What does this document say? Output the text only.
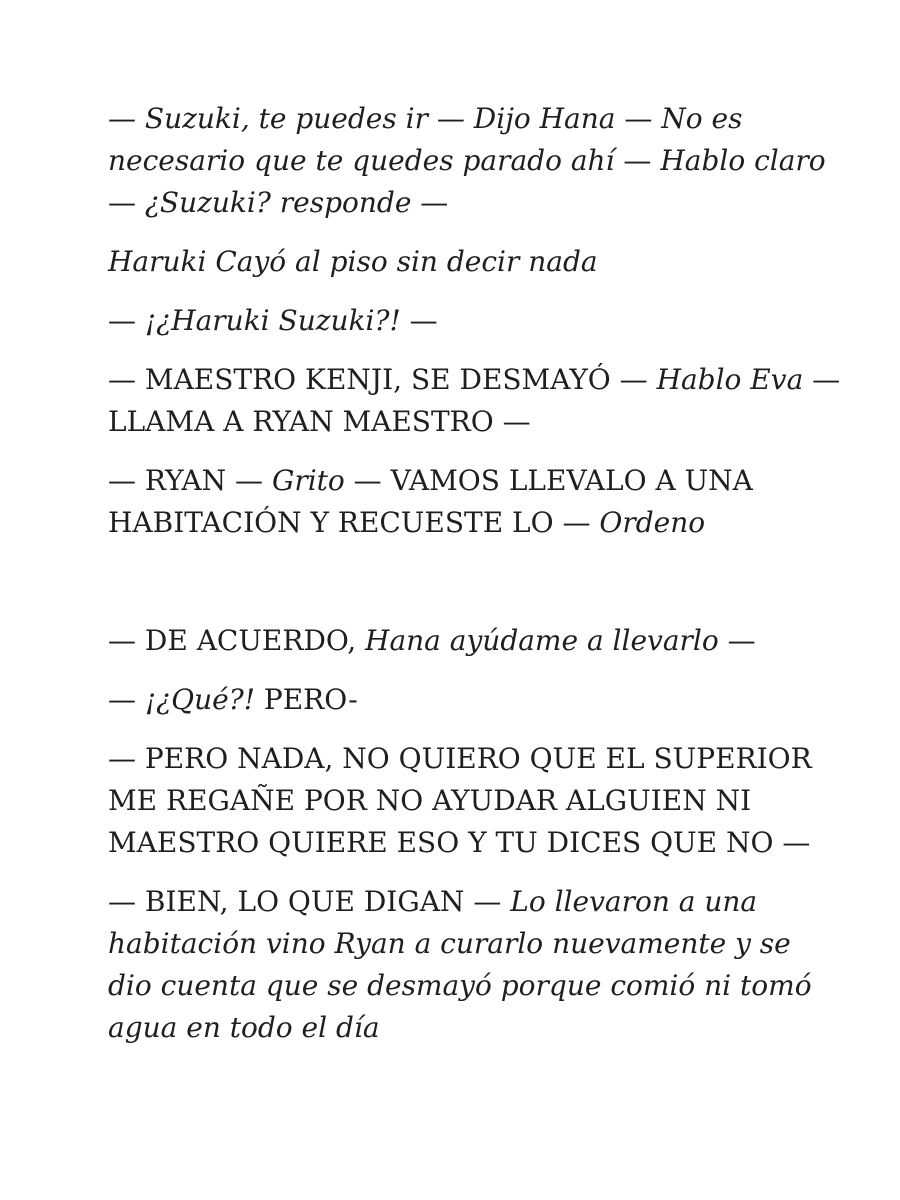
— Suzuki, te puedes ir — Dijo Hana — No es
necesario que te quedes parado ahí — Hablo claro
— ¿Suzuki? responde —
Haruki Cayó al piso sin decir nada
— ¡¿Haruki Suzuki?! —
— MAESTRO KENJI, SE DESMAYÓ — Hablo Eva —
LLAMA A RYAN MAESTRO —
— RYAN — Grito — VAMOS LLEVALO A UNA
HABITACIÓN Y RECUESTE LO — Ordeno
— DE ACUERDO, Hana ayúdame a llevarlo —
— ¡¿Qué?! PERO-
— PERO NADA, NO QUIERO QUE EL SUPERIOR
ME REGAÑE POR NO AYUDAR ALGUIEN NI
MAESTRO QUIERE ESO Y TU DICES QUE NO —
— BIEN, LO QUE DIGAN — Lo llevaron a una
habitación vino Ryan a curarlo nuevamente y se
dio cuenta que se desmayó porque comió ni tomó
agua en todo el día
